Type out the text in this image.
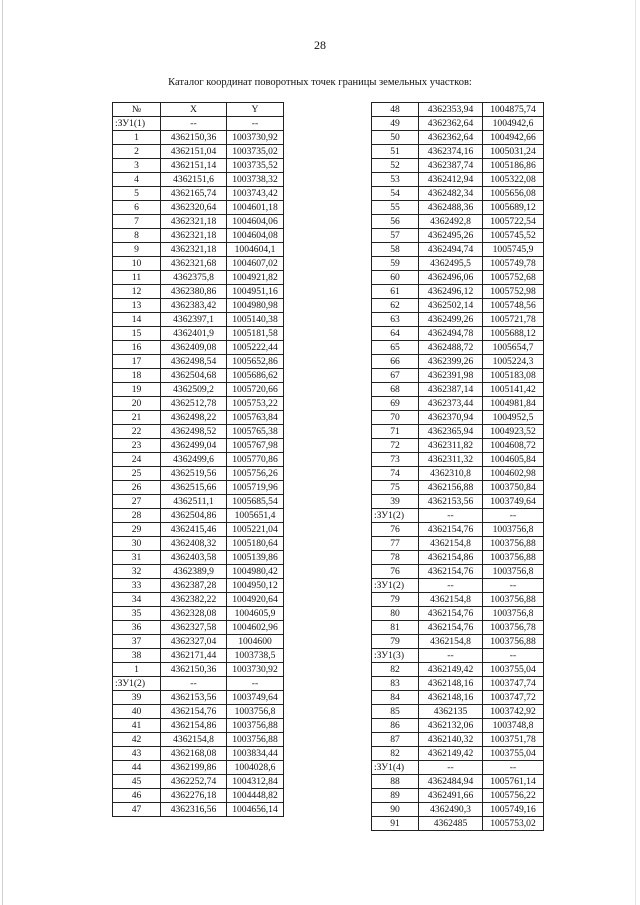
28
Каталог координат поворотных точек границы земельных участков:
№	X	Y
:ЗУ1(1)	--	--
1	4362150,36	1003730,92
2	4362151,04	1003735,02
3	4362151,14	1003735,52
4	4362151,6	1003738,32
5	4362165,74	1003743,42
6	4362320,64	1004601,18
7	4362321,18	1004604,06
8	4362321,18	1004604,08
9	4362321,18	1004604,1
10	4362321,68	1004607,02
11	4362375,8	1004921,82
12	4362380,86	1004951,16
13	4362383,42	1004980,98
14	4362397,1	1005140,38
15	4362401,9	1005181,58
16	4362409,08	1005222,44
17	4362498,54	1005652,86
18	4362504,68	1005686,62
19	4362509,2	1005720,66
20	4362512,78	1005753,22
21	4362498,22	1005763,84
22	4362498,52	1005765,38
23	4362499,04	1005767,98
24	4362499,6	1005770,86
25	4362519,56	1005756,26
26	4362515,66	1005719,96
27	4362511,1	1005685,54
28	4362504,86	1005651,4
29	4362415,46	1005221,04
30	4362408,32	1005180,64
31	4362403,58	1005139,86
32	4362389,9	1004980,42
33	4362387,28	1004950,12
34	4362382,22	1004920,64
35	4362328,08	1004605,9
36	4362327,58	1004602,96
37	4362327,04	1004600
38	4362171,44	1003738,5
1	4362150,36	1003730,92
:ЗУ1(2)	--	--
39	4362153,56	1003749,64
40	4362154,76	1003756,8
41	4362154,86	1003756,88
42	4362154,8	1003756,88
43	4362168,08	1003834,44
44	4362199,86	1004028,6
45	4362252,74	1004312,84
46	4362276,18	1004448,82
47	4362316,56	1004656,14
48	4362353,94	1004875,74
49	4362362,64	1004942,6
50	4362362,64	1004942,66
51	4362374,16	1005031,24
52	4362387,74	1005186,86
53	4362412,94	1005322,08
54	4362482,34	1005656,08
55	4362488,36	1005689,12
56	4362492,8	1005722,54
57	4362495,26	1005745,52
58	4362494,74	1005745,9
59	4362495,5	1005749,78
60	4362496,06	1005752,68
61	4362496,12	1005752,98
62	4362502,14	1005748,56
63	4362499,26	1005721,78
64	4362494,78	1005688,12
65	4362488,72	1005654,7
66	4362399,26	1005224,3
67	4362391,98	1005183,08
68	4362387,14	1005141,42
69	4362373,44	1004981,84
70	4362370,94	1004952,5
71	4362365,94	1004923,52
72	4362311,82	1004608,72
73	4362311,32	1004605,84
74	4362310,8	1004602,98
75	4362156,88	1003750,84
39	4362153,56	1003749,64
:ЗУ1(2)	--	--
76	4362154,76	1003756,8
77	4362154,8	1003756,88
78	4362154,86	1003756,88
76	4362154,76	1003756,8
:ЗУ1(2)	--	--
79	4362154,8	1003756,88
80	4362154,76	1003756,8
81	4362154,76	1003756,78
79	4362154,8	1003756,88
:ЗУ1(3)	--	--
82	4362149,42	1003755,04
83	4362148,16	1003747,74
84	4362148,16	1003747,72
85	4362135	1003742,92
86	4362132,06	1003748,8
87	4362140,32	1003751,78
82	4362149,42	1003755,04
:ЗУ1(4)	--	--
88	4362484,94	1005761,14
89	4362491,66	1005756,22
90	4362490,3	1005749,16
91	4362485	1005753,02
